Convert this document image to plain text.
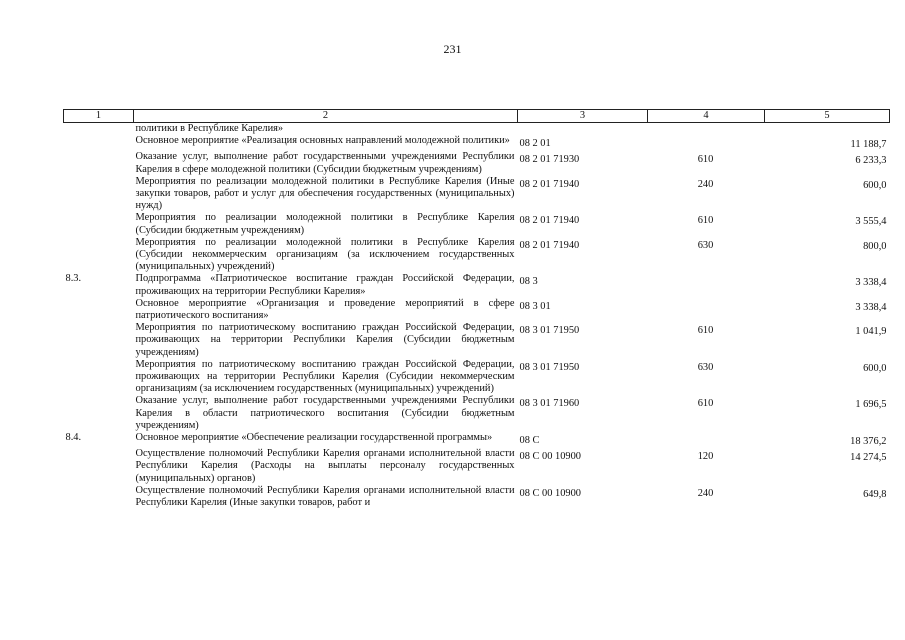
231
1	2	3	4	5
	политики в Республике Карелия»			
	Основное мероприятие «Реализация основных направлений молодежной политики»	08 2 01		11 188,7
	Оказание услуг, выполнение работ государственными учреждениями Республики Карелия в сфере молодежной политики (Субсидии бюджетным учреждениям)	08 2 01 71930	610	6 233,3
	Мероприятия по реализации молодежной политики в Республике Карелия (Иные закупки товаров, работ и услуг для обеспечения государственных (муниципальных) нужд)	08 2 01 71940	240	600,0
	Мероприятия по реализации молодежной политики в Республике Карелия (Субсидии бюджетным учреждениям)	08 2 01 71940	610	3 555,4
	Мероприятия по реализации молодежной политики в Республике Карелия (Субсидии некоммерческим организациям (за исключением государственных (муниципальных) учреждений)	08 2 01 71940	630	800,0
8.3.	Подпрограмма «Патриотическое воспитание граждан Российской Федерации, проживающих на территории Республики Карелия»	08 3		3 338,4
	Основное мероприятие «Организация и проведение мероприятий в сфере патриотического воспитания»	08 3 01		3 338,4
	Мероприятия по патриотическому воспитанию граждан Российской Федерации, проживающих на территории Республики Карелия (Субсидии бюджетным учреждениям)	08 3 01 71950	610	1 041,9
	Мероприятия по патриотическому воспитанию граждан Российской Федерации, проживающих на территории Республики Карелия (Субсидии некоммерческим организациям (за исключением государственных (муниципальных) учреждений)	08 3 01 71950	630	600,0
	Оказание услуг, выполнение работ государственными учреждениями Республики Карелия в области патриотического воспитания (Субсидии бюджетным учреждениям)	08 3 01 71960	610	1 696,5
8.4.	Основное мероприятие «Обеспечение реализации государственной программы»	08 С		18 376,2
	Осуществление полномочий Республики Карелия органами исполнительной власти Республики Карелия (Расходы на выплаты персоналу государственных (муниципальных) органов)	08 С 00 10900	120	14 274,5
	Осуществление полномочий Республики Карелия органами исполнительной власти Республики Карелия (Иные закупки товаров, работ и	08 С 00 10900	240	649,8
